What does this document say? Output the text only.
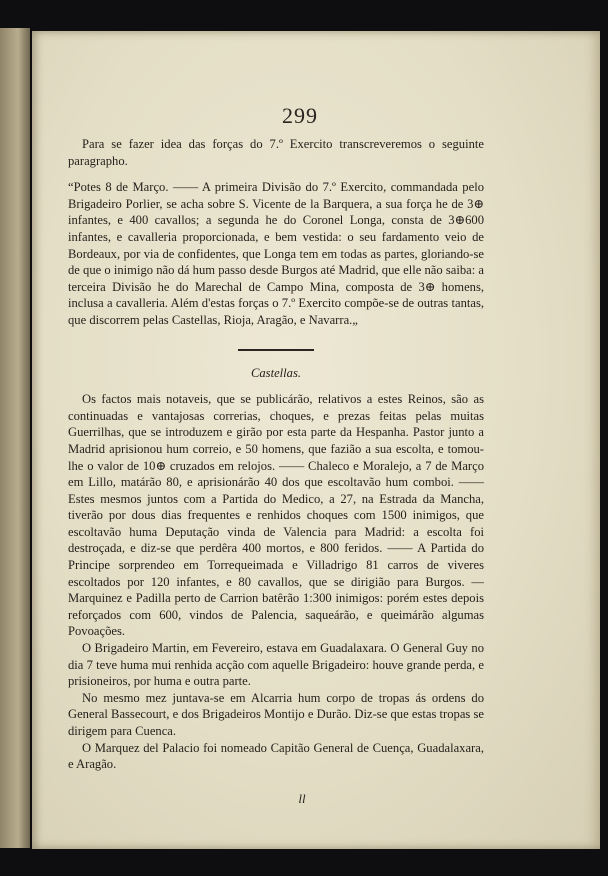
299

Para se fazer idea das forças do 7.º Exercito transcreveremos o seguinte paragrapho.

“Potes 8 de Março. —— A primeira Divisão do 7.º Exercito, commandada pelo Brigadeiro Porlier, se acha sobre S. Vicente de la Barquera, a sua força he de 3⊕ infantes, e 400 cavallos; a segunda he do Coronel Longa, consta de 3⊕600 infantes, e cavalleria proporcionada, e bem vestida: o seu fardamento veio de Bordeaux, por via de confidentes, que Longa tem em todas as partes, gloriando-se de que o inimigo não dá hum passo desde Burgos até Madrid, que elle não saiba: a terceira Divisão he do Marechal de Campo Mina, composta de 3⊕ homens, inclusa a cavalleria. Além d'estas forças o 7.º Exercito compõe-se de outras tantas, que discorrem pelas Castellas, Rioja, Aragão, e Navarra.„

Castellas.

Os factos mais notaveis, que se publicárão, relativos a estes Reinos, são as continuadas e vantajosas correrias, choques, e prezas feitas pelas muitas Guerrilhas, que se introduzem e girão por esta parte da Hespanha. Pastor junto a Madrid aprisionou hum correio, e 50 homens, que fazião a sua escolta, e tomou-lhe o valor de 10⊕ cruzados em relojos. —— Chaleco e Moralejo, a 7 de Março em Lillo, matárão 80, e aprisionárão 40 dos que escoltavão hum comboi. —— Estes mesmos juntos com a Partida do Medico, a 27, na Estrada da Mancha, tiverão por dous dias frequentes e renhidos choques com 1500 inimigos, que escoltavão huma Deputação vinda de Valencia para Madrid: a escolta foi destroçada, e diz-se que perdêra 400 mortos, e 800 feridos. —— A Partida do Principe sorprendeo em Torrequeimada e Villadrigo 81 carros de viveres escoltados por 120 infantes, e 80 cavallos, que se dirigião para Burgos. — Marquinez e Padilla perto de Carrion batêrão 1:300 inimigos: porém estes depois reforçados com 600, vindos de Palencia, saqueárão, e queimárão algumas Povoações.

O Brigadeiro Martin, em Fevereiro, estava em Guadalaxara. O General Guy no dia 7 teve huma mui renhida acção com aquelle Brigadeiro: houve grande perda, e prisioneiros, por huma e outra parte.

No mesmo mez juntava-se em Alcarria hum corpo de tropas ás ordens do General Bassecourt, e dos Brigadeiros Montijo e Durão. Diz-se que estas tropas se dirigem para Cuenca.

O Marquez del Palacio foi nomeado Capitão General de Cuença, Guadalaxara, e Aragão.

ll
